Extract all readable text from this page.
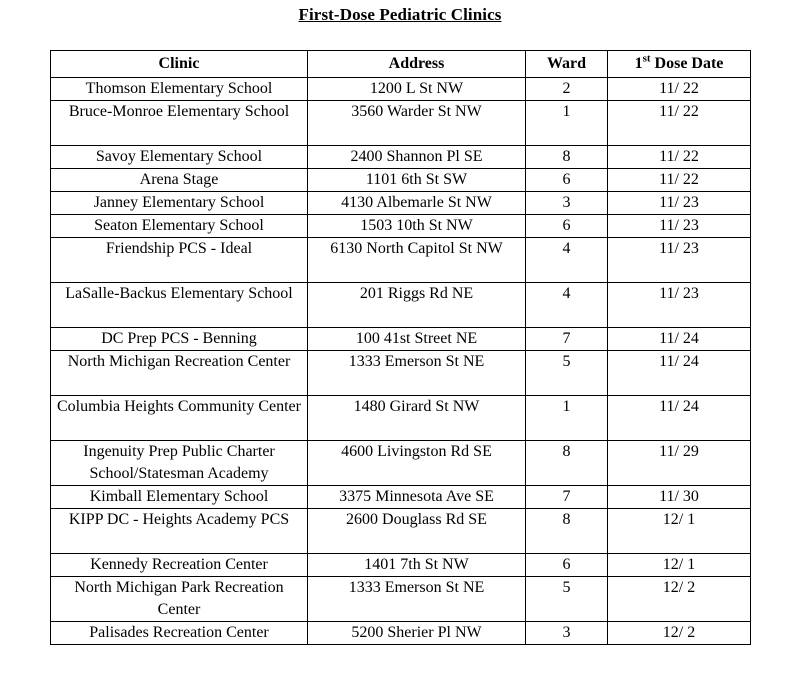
First-Dose Pediatric Clinics
Clinic	Address	Ward	1st Dose Date
Thomson Elementary School	1200 L St NW	2	11/ 22
Bruce-Monroe Elementary School	3560 Warder St NW	1	11/ 22
Savoy Elementary School	2400 Shannon Pl SE	8	11/ 22
Arena Stage	1101 6th St SW	6	11/ 22
Janney Elementary School	4130 Albemarle St NW	3	11/ 23
Seaton Elementary School	1503 10th St NW	6	11/ 23
Friendship PCS - Ideal	6130 North Capitol St NW	4	11/ 23
LaSalle-Backus Elementary School	201 Riggs Rd NE	4	11/ 23
DC Prep PCS - Benning	100 41st Street NE	7	11/ 24
North Michigan Recreation Center	1333 Emerson St NE	5	11/ 24
Columbia Heights Community Center	1480 Girard St NW	1	11/ 24
Ingenuity Prep Public Charter School/Statesman Academy	4600 Livingston Rd SE	8	11/ 29
Kimball Elementary School	3375 Minnesota Ave SE	7	11/ 30
KIPP DC - Heights Academy PCS	2600 Douglass Rd SE	8	12/ 1
Kennedy Recreation Center	1401 7th St NW	6	12/ 1
North Michigan Park Recreation Center	1333 Emerson St NE	5	12/ 2
Palisades Recreation Center	5200 Sherier Pl NW	3	12/ 2
